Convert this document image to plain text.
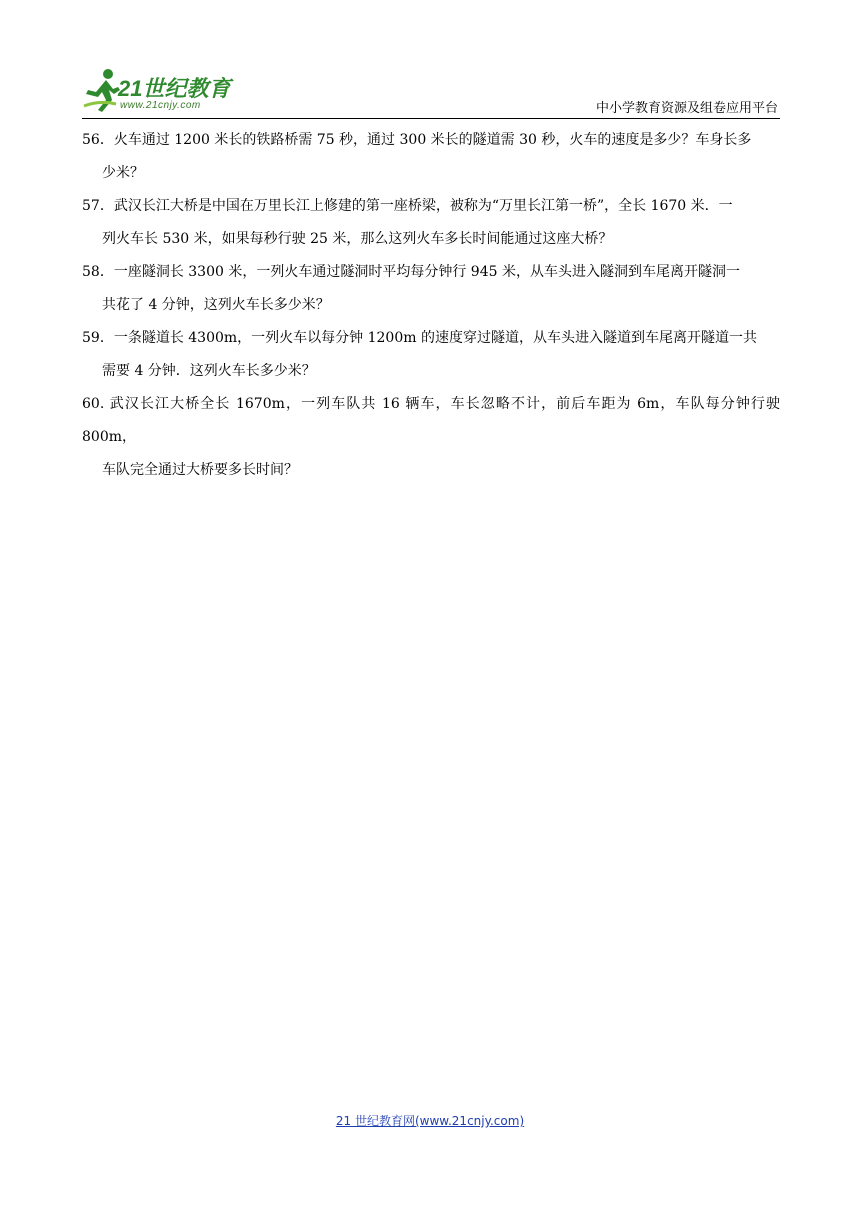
21世纪教育
www.21cnjy.com	中小学教育资源及组卷应用平台
56．火车通过 1200 米长的铁路桥需 75 秒，通过 300 米长的隧道需 30 秒，火车的速度是多少？车身长多
少米？
57．武汉长江大桥是中国在万里长江上修建的第一座桥梁，被称为“万里长江第一桥”，全长 1670 米．一
列火车长 530 米，如果每秒行驶 25 米，那么这列火车多长时间能通过这座大桥？
58．一座隧洞长 3300 米，一列火车通过隧洞时平均每分钟行 945 米，从车头进入隧洞到车尾离开隧洞一
共花了 4 分钟，这列火车长多少米？
59．一条隧道长 4300m，一列火车以每分钟 1200m 的速度穿过隧道，从车头进入隧道到车尾离开隧道一共
需要 4 分钟．这列火车长多少米？
60. 武汉长江大桥全长 1670m，一列车队共 16 辆车，车长忽略不计，前后车距为 6m，车队每分钟行驶 800m，
车队完全通过大桥要多长时间？
21 世纪教育网(www.21cnjy.com)
